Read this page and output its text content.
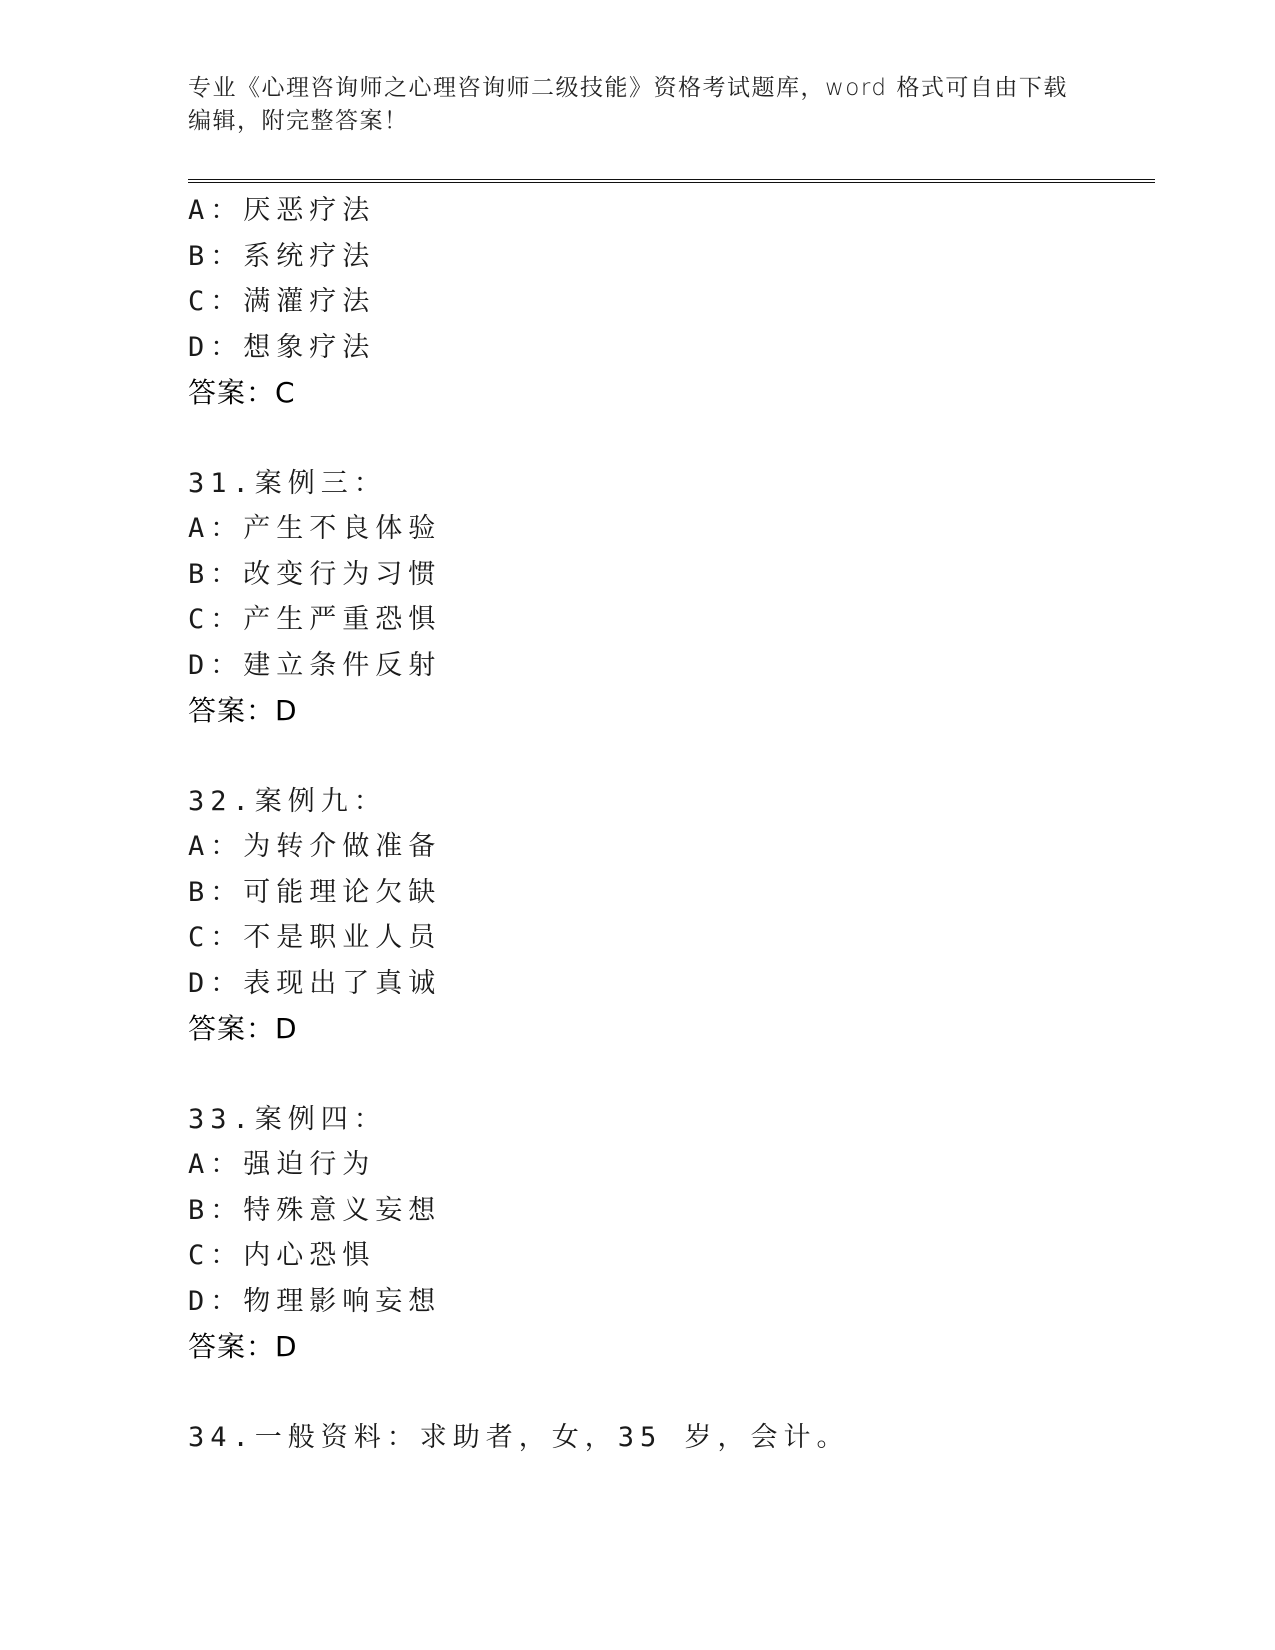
专业《心理咨询师之心理咨询师二级技能》资格考试题库，word 格式可自由下载
编辑，附完整答案！
A：厌恶疗法
B：系统疗法
C：满灌疗法
D：想象疗法
答案：C
31.案例三：
A：产生不良体验
B：改变行为习惯
C：产生严重恐惧
D：建立条件反射
答案：D
32.案例九：
A：为转介做准备
B：可能理论欠缺
C：不是职业人员
D：表现出了真诚
答案：D
33.案例四：
A：强迫行为
B：特殊意义妄想
C：内心恐惧
D：物理影响妄想
答案：D
34.一般资料：求助者，女，35 岁，会计。
